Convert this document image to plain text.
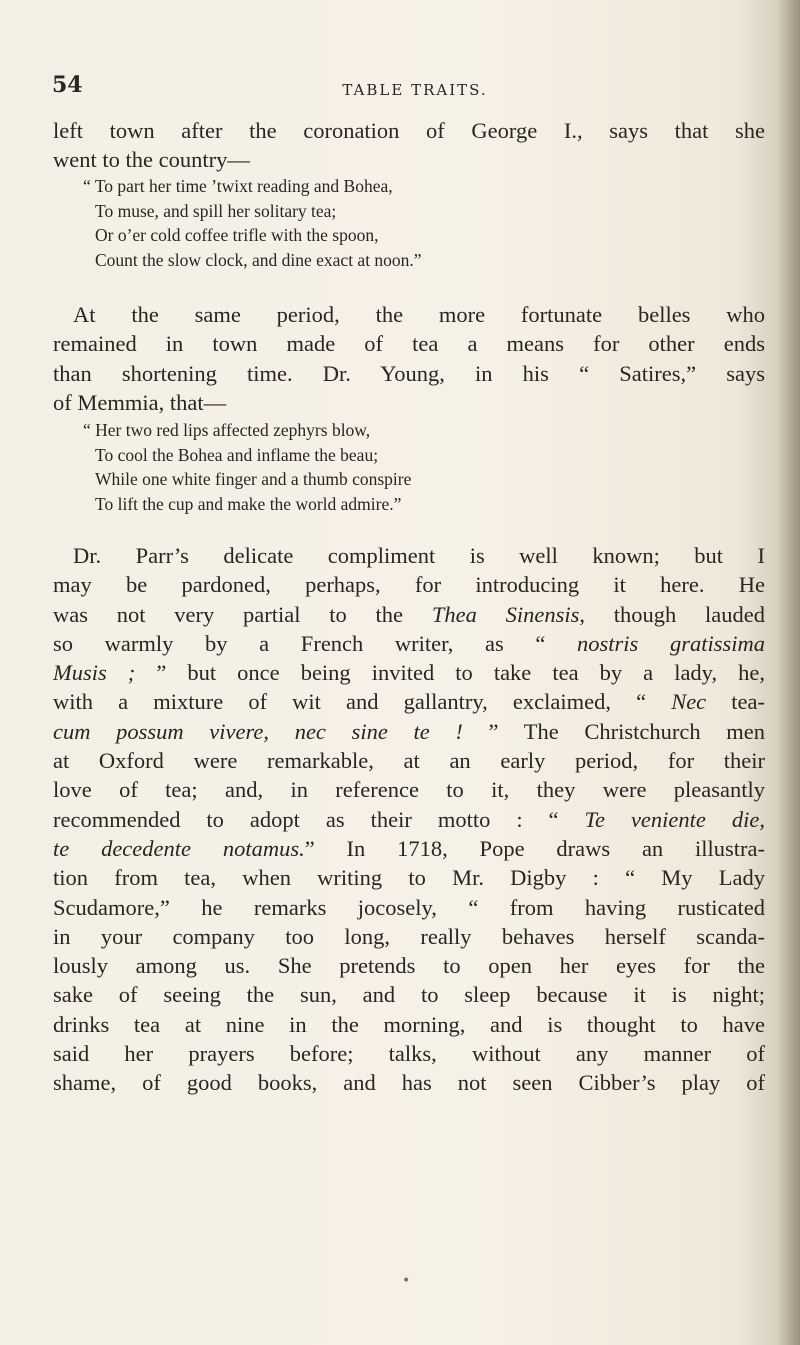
54	TABLE TRAITS.
left town after the coronation of George I., says that she
went to the country—
“ To part her time ’twixt reading and Bohea,
To muse, and spill her solitary tea;
Or o’er cold coffee trifle with the spoon,
Count the slow clock, and dine exact at noon.”
At the same period, the more fortunate belles who
remained in town made of tea a means for other ends
than shortening time. Dr. Young, in his “ Satires,” says
of Memmia, that—
“ Her two red lips affected zephyrs blow,
To cool the Bohea and inflame the beau;
While one white finger and a thumb conspire
To lift the cup and make the world admire.”
Dr. Parr’s delicate compliment is well known; but I
may be pardoned, perhaps, for introducing it here. He
was not very partial to the Thea Sinensis, though lauded
so warmly by a French writer, as “ nostris gratissima
Musis ; ” but once being invited to take tea by a lady, he,
with a mixture of wit and gallantry, exclaimed, “ Nec tea-
cum possum vivere, nec sine te ! ” The Christchurch men
at Oxford were remarkable, at an early period, for their
love of tea; and, in reference to it, they were pleasantly
recommended to adopt as their motto : “ Te veniente die,
te decedente notamus.” In 1718, Pope draws an illustra-
tion from tea, when writing to Mr. Digby : “ My Lady
Scudamore,” he remarks jocosely, “ from having rusticated
in your company too long, really behaves herself scanda-
lously among us. She pretends to open her eyes for the
sake of seeing the sun, and to sleep because it is night;
drinks tea at nine in the morning, and is thought to have
said her prayers before; talks, without any manner of
shame, of good books, and has not seen Cibber’s play of
•
